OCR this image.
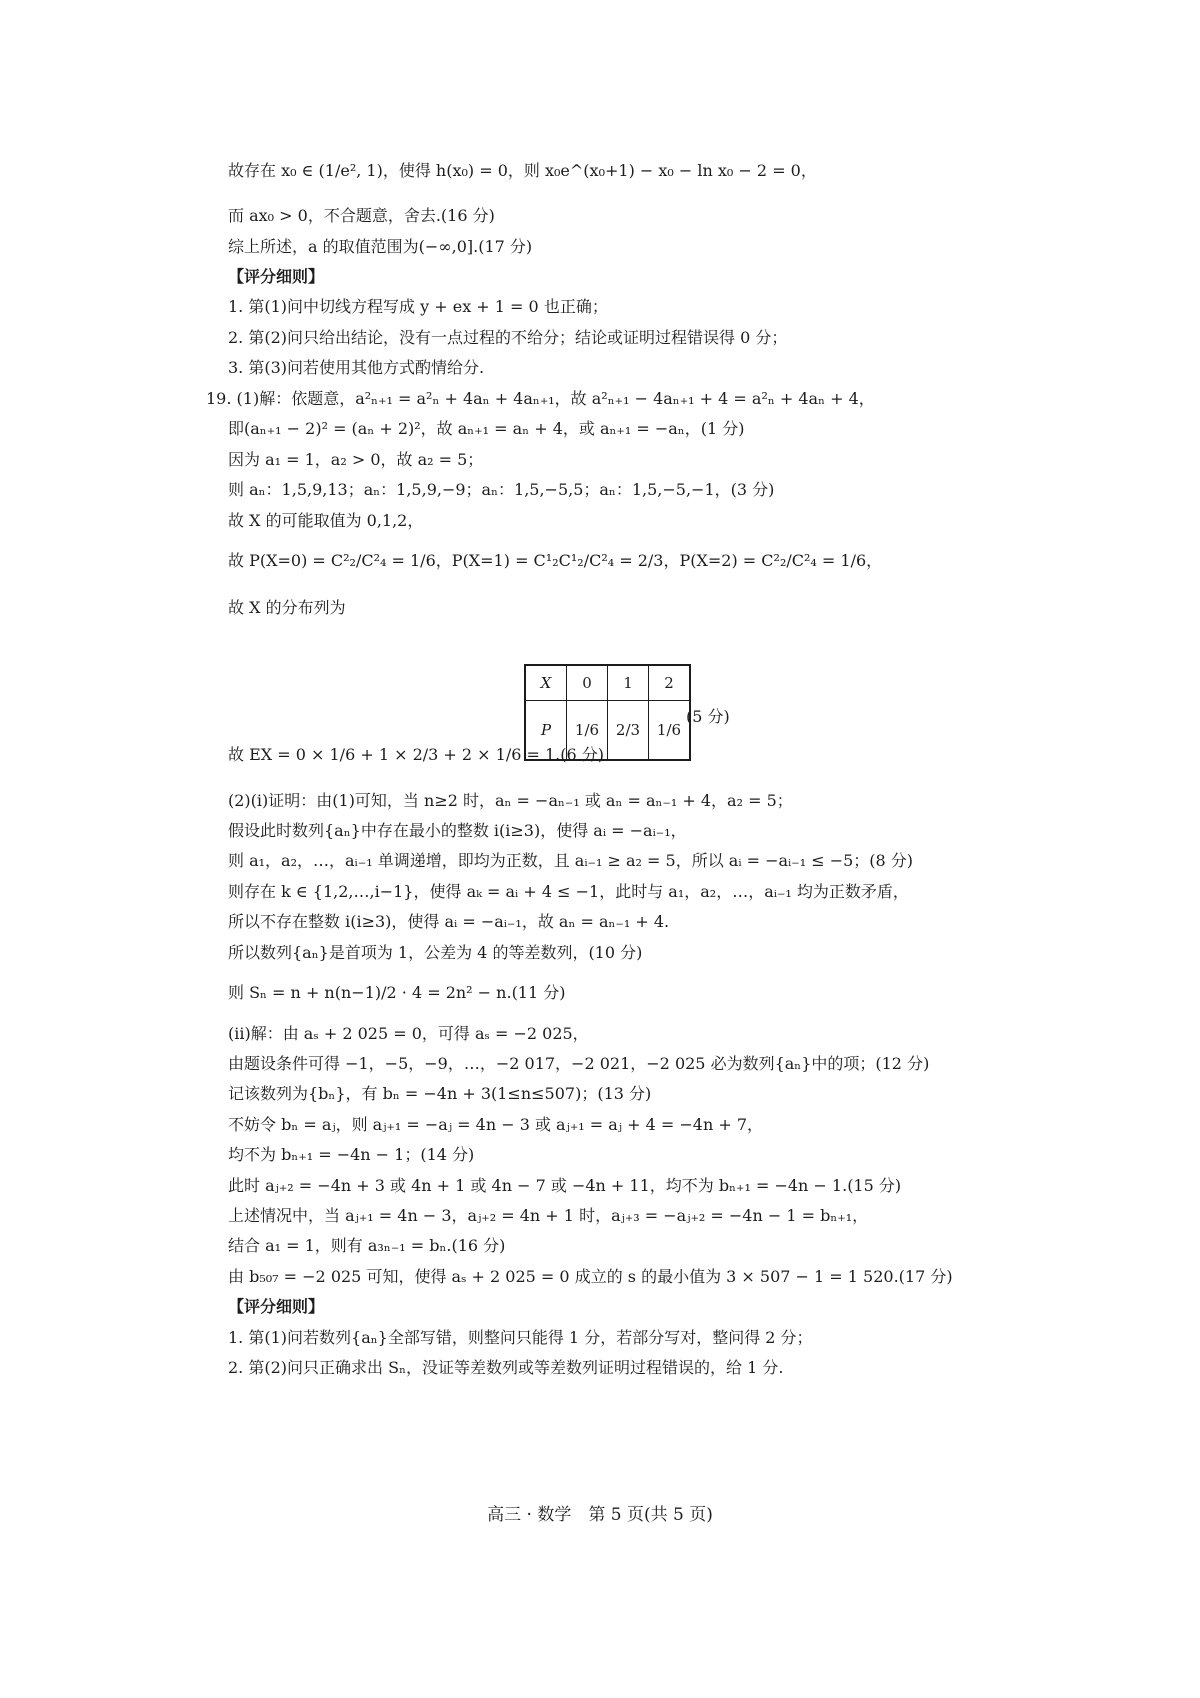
故存在 x₀ ∈ (1/e², 1)，使得 h(x₀) = 0，则 x₀e^(x₀+1) − x₀ − ln x₀ − 2 = 0，
而 ax₀ > 0，不合题意，舍去.(16 分)
综上所述，a 的取值范围为(−∞,0].(17 分)
【评分细则】
1. 第(1)问中切线方程写成 y + ex + 1 = 0 也正确；
2. 第(2)问只给出结论，没有一点过程的不给分；结论或证明过程错误得 0 分；
3. 第(3)问若使用其他方式酌情给分.
19. (1)解：依题意，a²ₙ₊₁ = a²ₙ + 4aₙ + 4aₙ₊₁，故 a²ₙ₊₁ − 4aₙ₊₁ + 4 = a²ₙ + 4aₙ + 4，
即(aₙ₊₁ − 2)² = (aₙ + 2)²，故 aₙ₊₁ = aₙ + 4，或 aₙ₊₁ = −aₙ，(1 分)
因为 a₁ = 1，a₂ > 0，故 a₂ = 5；
则 aₙ：1,5,9,13；aₙ：1,5,9,−9；aₙ：1,5,−5,5；aₙ：1,5,−5,−1，(3 分)
故 X 的可能取值为 0,1,2，
故 P(X=0) = C²₂/C²₄ = 1/6，P(X=1) = C¹₂C¹₂/C²₄ = 2/3，P(X=2) = C²₂/C²₄ = 1/6，
故 X 的分布列为
X	0	1	2
P	1/6	2/3	1/6
(5 分)
故 EX = 0 × 1/6 + 1 × 2/3 + 2 × 1/6 = 1.(6 分)
(2)(i)证明：由(1)可知，当 n≥2 时，aₙ = −aₙ₋₁ 或 aₙ = aₙ₋₁ + 4，a₂ = 5；
假设此时数列{aₙ}中存在最小的整数 i(i≥3)，使得 aᵢ = −aᵢ₋₁，
则 a₁，a₂，…，aᵢ₋₁ 单调递增，即均为正数，且 aᵢ₋₁ ≥ a₂ = 5，所以 aᵢ = −aᵢ₋₁ ≤ −5；(8 分)
则存在 k ∈ {1,2,…,i−1}，使得 aₖ = aᵢ + 4 ≤ −1，此时与 a₁，a₂，…，aᵢ₋₁ 均为正数矛盾，
所以不存在整数 i(i≥3)，使得 aᵢ = −aᵢ₋₁，故 aₙ = aₙ₋₁ + 4.
所以数列{aₙ}是首项为 1，公差为 4 的等差数列，(10 分)
则 Sₙ = n + n(n−1)/2 · 4 = 2n² − n.(11 分)
(ii)解：由 aₛ + 2 025 = 0，可得 aₛ = −2 025，
由题设条件可得 −1，−5，−9，…，−2 017，−2 021，−2 025 必为数列{aₙ}中的项；(12 分)
记该数列为{bₙ}，有 bₙ = −4n + 3(1≤n≤507)；(13 分)
不妨令 bₙ = aⱼ，则 aⱼ₊₁ = −aⱼ = 4n − 3 或 aⱼ₊₁ = aⱼ + 4 = −4n + 7，
均不为 bₙ₊₁ = −4n − 1；(14 分)
此时 aⱼ₊₂ = −4n + 3 或 4n + 1 或 4n − 7 或 −4n + 11，均不为 bₙ₊₁ = −4n − 1.(15 分)
上述情况中，当 aⱼ₊₁ = 4n − 3，aⱼ₊₂ = 4n + 1 时，aⱼ₊₃ = −aⱼ₊₂ = −4n − 1 = bₙ₊₁，
结合 a₁ = 1，则有 a₃ₙ₋₁ = bₙ.(16 分)
由 b₅₀₇ = −2 025 可知，使得 aₛ + 2 025 = 0 成立的 s 的最小值为 3 × 507 − 1 = 1 520.(17 分)
【评分细则】
1. 第(1)问若数列{aₙ}全部写错，则整问只能得 1 分，若部分写对，整问得 2 分；
2. 第(2)问只正确求出 Sₙ，没证等差数列或等差数列证明过程错误的，给 1 分.
高三 · 数学　第 5 页(共 5 页)
